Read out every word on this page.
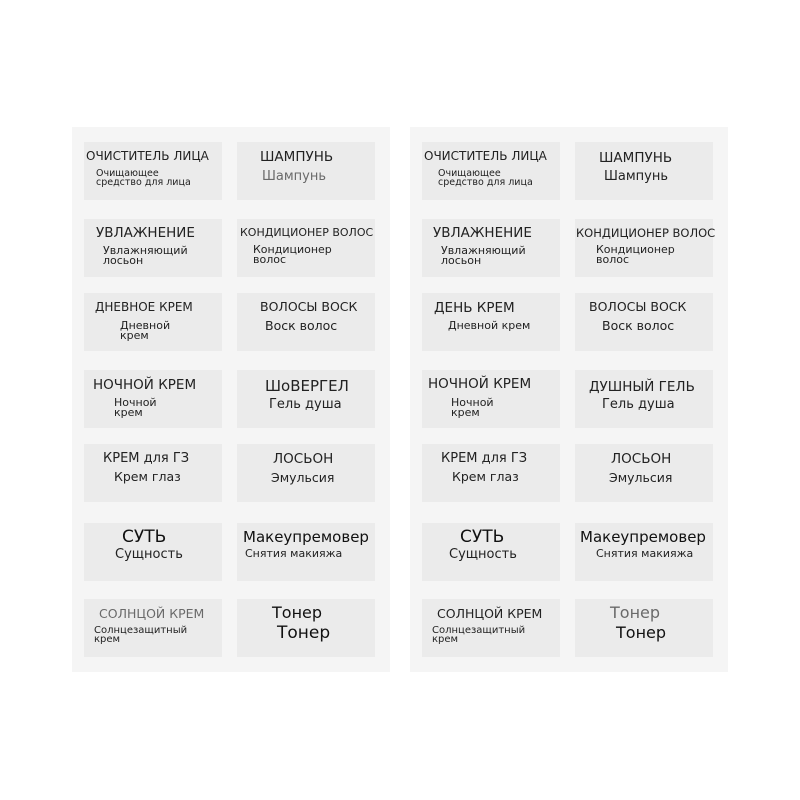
ОЧИСТИТЕЛЬ ЛИЦА
Очищающее средство для лица
ШАМПУНЬ
Шампунь
УВЛАЖНЕНИЕ
Увлажняющий лосьон
КОНДИЦИОНЕР ВОЛОС
Кондиционер волос
ДНЕВНОЕ КРЕМ
Дневной крем
ВОЛОСЫ ВОСК
Воск волос
НОЧНОЙ КРЕМ
Ночной крем
ШоВЕРГЕЛ
Гель душа
КРЕМ для ГЗ
Крем глаз
ЛОСЬОН
Эмульсия
СУТЬ
Сущность
Макеупремовер
Снятия макияжа
СОЛНЦОЙ КРЕМ
Солнцезащитный крем
Тонер
Тонер
ОЧИСТИТЕЛЬ ЛИЦА
Очищающее средство для лица
ШАМПУНЬ
Шампунь
УВЛАЖНЕНИЕ
Увлажняющий лосьон
КОНДИЦИОНЕР ВОЛОС
Кондиционер волос
ДЕНЬ КРЕМ
Дневной крем
ВОЛОСЫ ВОСК
Воск волос
НОЧНОЙ КРЕМ
Ночной крем
ДУШНЫЙ ГЕЛЬ
Гель душа
КРЕМ для ГЗ
Крем глаз
ЛОСЬОН
Эмульсия
СУТЬ
Сущность
Макеупремовер
Снятия макияжа
СОЛНЦОЙ КРЕМ
Солнцезащитный крем
Тонер
Тонер
